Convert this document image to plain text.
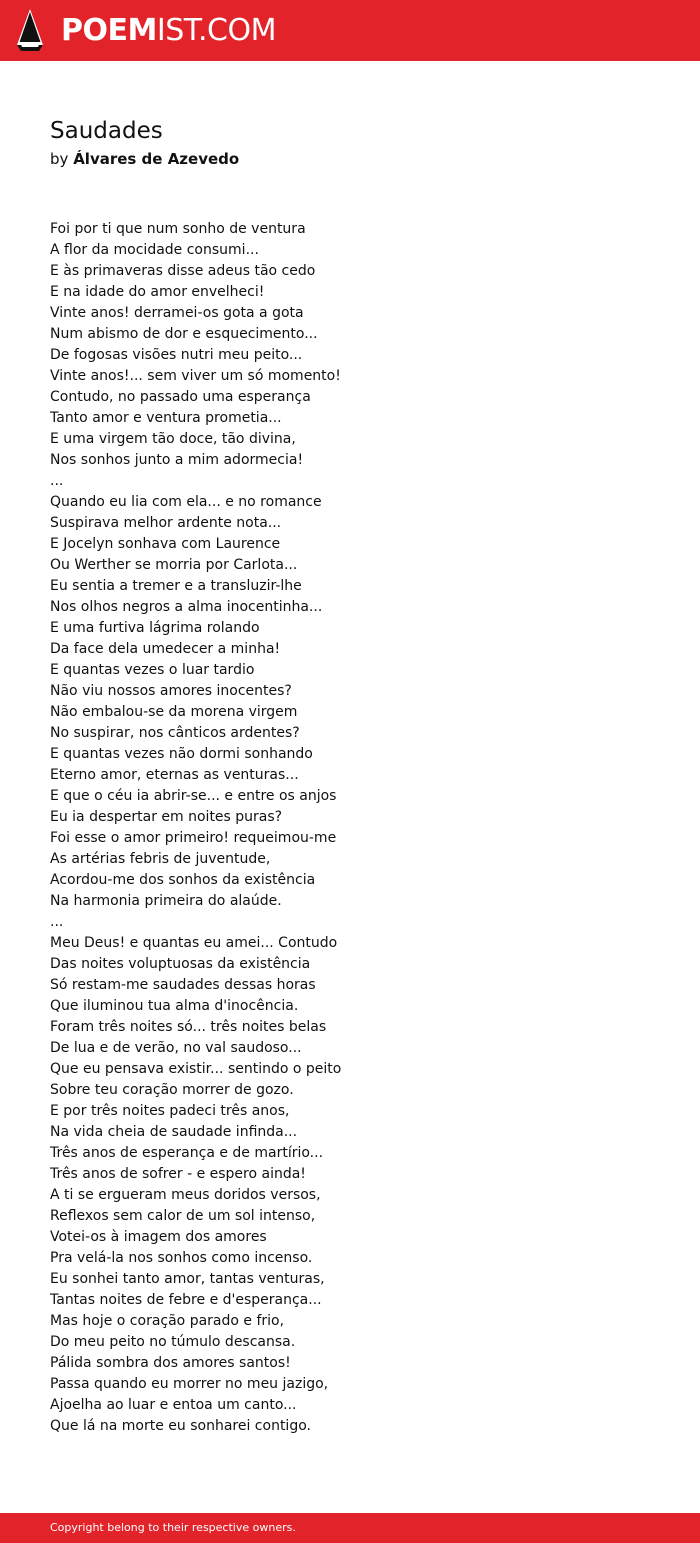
POEMIST.COM
Saudades
by Álvares de Azevedo
Foi por ti que num sonho de ventura
A flor da mocidade consumi...
E às primaveras disse adeus tão cedo
E na idade do amor envelheci!
Vinte anos! derramei-os gota a gota
Num abismo de dor e esquecimento...
De fogosas visões nutri meu peito...
Vinte anos!... sem viver um só momento!
Contudo, no passado uma esperança
Tanto amor e ventura prometia...
E uma virgem tão doce, tão divina,
Nos sonhos junto a mim adormecia!
...
Quando eu lia com ela... e no romance
Suspirava melhor ardente nota...
E Jocelyn sonhava com Laurence
Ou Werther se morria por Carlota...
Eu sentia a tremer e a transluzir-lhe
Nos olhos negros a alma inocentinha...
E uma furtiva lágrima rolando
Da face dela umedecer a minha!
E quantas vezes o luar tardio
Não viu nossos amores inocentes?
Não embalou-se da morena virgem
No suspirar, nos cânticos ardentes?
E quantas vezes não dormi sonhando
Eterno amor, eternas as venturas...
E que o céu ia abrir-se... e entre os anjos
Eu ia despertar em noites puras?
Foi esse o amor primeiro! requeimou-me
As artérias febris de juventude,
Acordou-me dos sonhos da existência
Na harmonia primeira do alaúde.
...
Meu Deus! e quantas eu amei... Contudo
Das noites voluptuosas da existência
Só restam-me saudades dessas horas
Que iluminou tua alma d'inocência.
Foram três noites só... três noites belas
De lua e de verão, no val saudoso...
Que eu pensava existir... sentindo o peito
Sobre teu coração morrer de gozo.
E por três noites padeci três anos,
Na vida cheia de saudade infinda...
Três anos de esperança e de martírio...
Três anos de sofrer - e espero ainda!
A ti se ergueram meus doridos versos,
Reflexos sem calor de um sol intenso,
Votei-os à imagem dos amores
Pra velá-la nos sonhos como incenso.
Eu sonhei tanto amor, tantas venturas,
Tantas noites de febre e d'esperança...
Mas hoje o coração parado e frio,
Do meu peito no túmulo descansa.
Pálida sombra dos amores santos!
Passa quando eu morrer no meu jazigo,
Ajoelha ao luar e entoa um canto...
Que lá na morte eu sonharei contigo.
Copyright belong to their respective owners.
